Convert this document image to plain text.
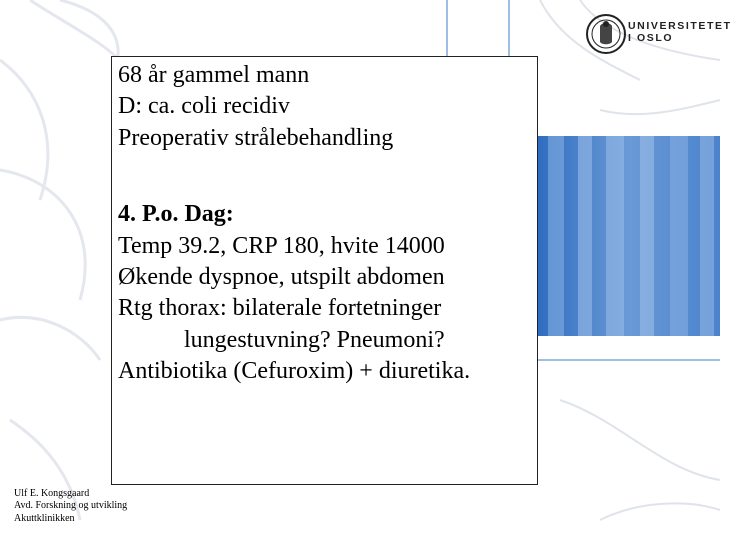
UNIVERSITETET
I OSLO

68 år gammel mann

D: ca. coli recidiv

Preoperativ strålebehandling

4. P.o. Dag:

Temp 39.2, CRP 180, hvite 14000

Økende dyspnoe, utspilt abdomen

Rtg thorax: bilaterale fortetninger

lungestuvning? Pneumoni?

Antibiotika (Cefuroxim) + diuretika.

Ulf E. Kongsgaard

Avd. Forskning og utvikling

Akuttklinikken
